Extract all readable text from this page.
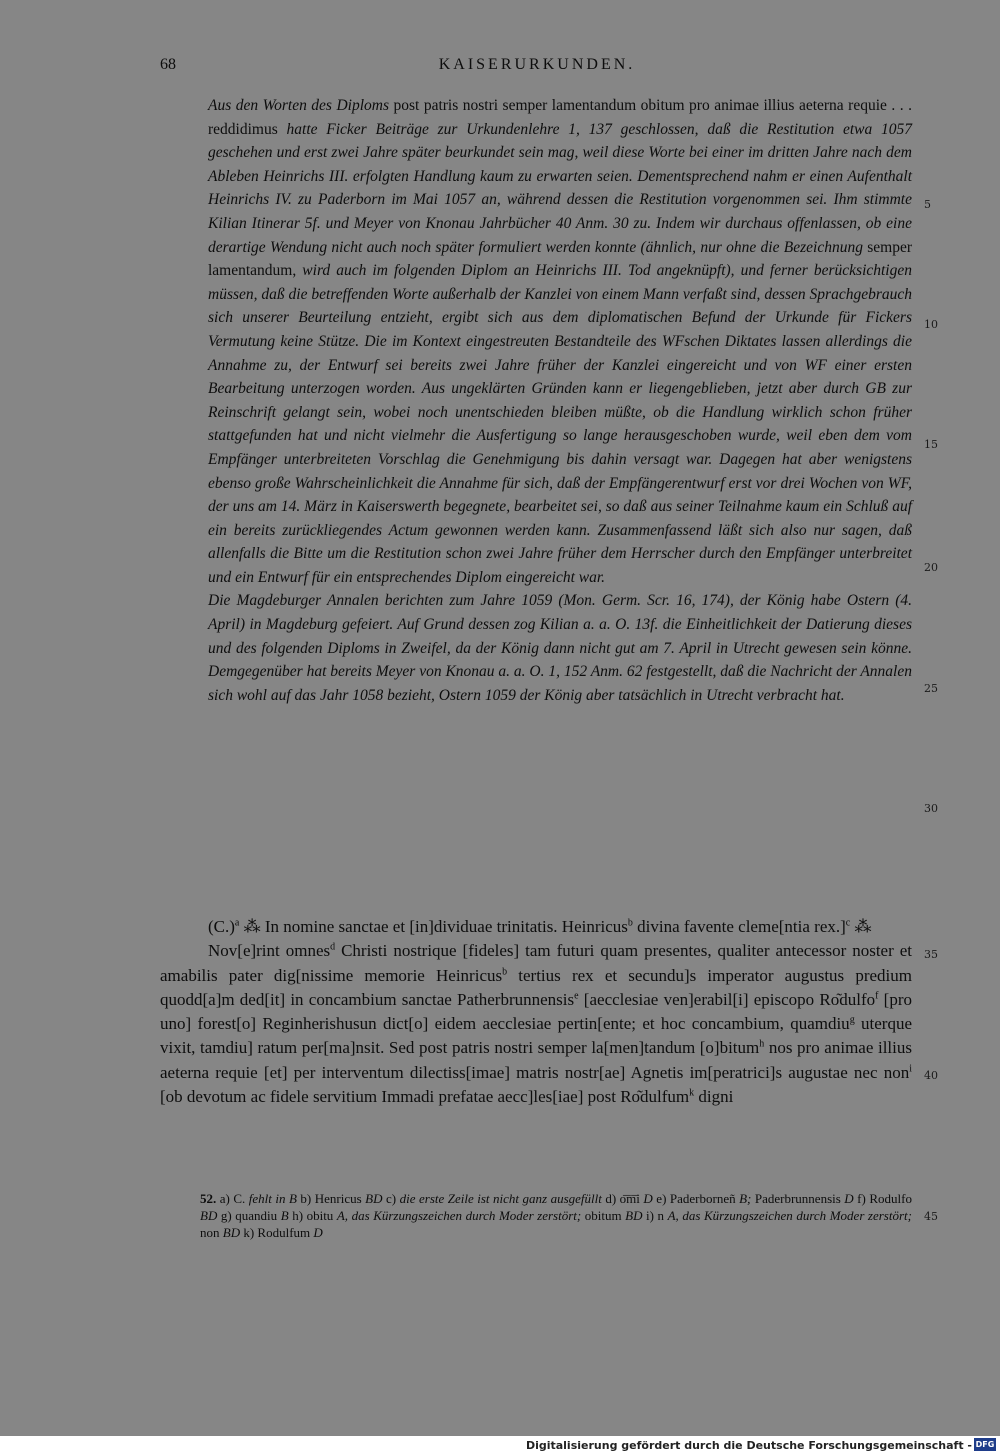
68	KAISERURKUNDEN.

Aus den Worten des Diploms post patris nostri semper lamentandum obitum pro animae illius aeterna requie . . . reddidimus hatte Ficker Beiträge zur Urkundenlehre 1, 137 geschlossen, daß die Restitution etwa 1057 geschehen und erst zwei Jahre später beurkundet sein mag, weil diese Worte bei einer im dritten Jahre nach dem Ableben Heinrichs III. erfolgten Handlung kaum zu erwarten seien. Dementsprechend nahm er einen Aufenthalt Heinrichs IV. zu Paderborn im Mai 1057 an, während dessen die Restitution vorgenommen sei. Ihm stimmte Kilian Itinerar 5f. und Meyer von Knonau Jahrbücher 40 Anm. 30 zu. Indem wir durchaus offenlassen, ob eine derartige Wendung nicht auch noch später formuliert werden konnte (ähnlich, nur ohne die Bezeichnung semper lamentandum, wird auch im folgenden Diplom an Heinrichs III. Tod angeknüpft), und ferner berücksichtigen müssen, daß die betreffenden Worte außerhalb der Kanzlei von einem Mann verfaßt sind, dessen Sprachgebrauch sich unserer Beurteilung entzieht, ergibt sich aus dem diplomatischen Befund der Urkunde für Fickers Vermutung keine Stütze. Die im Kontext eingestreuten Bestandteile des WFschen Diktates lassen allerdings die Annahme zu, der Entwurf sei bereits zwei Jahre früher der Kanzlei eingereicht und von WF einer ersten Bearbeitung unterzogen worden. Aus ungeklärten Gründen kann er liegengeblieben, jetzt aber durch GB zur Reinschrift gelangt sein, wobei noch unentschieden bleiben müßte, ob die Handlung wirklich schon früher stattgefunden hat und nicht vielmehr die Ausfertigung so lange herausgeschoben wurde, weil eben dem vom Empfänger unterbreiteten Vorschlag die Genehmigung bis dahin versagt war. Dagegen hat aber wenigstens ebenso große Wahrscheinlichkeit die Annahme für sich, daß der Empfängerentwurf erst vor drei Wochen von WF, der uns am 14. März in Kaiserswerth begegnete, bearbeitet sei, so daß aus seiner Teilnahme kaum ein Schluß auf ein bereits zurückliegendes Actum gewonnen werden kann. Zusammenfassend läßt sich also nur sagen, daß allenfalls die Bitte um die Restitution schon zwei Jahre früher dem Herrscher durch den Empfänger unterbreitet und ein Entwurf für ein entsprechendes Diplom eingereicht war.

Die Magdeburger Annalen berichten zum Jahre 1059 (Mon. Germ. Scr. 16, 174), der König habe Ostern (4. April) in Magdeburg gefeiert. Auf Grund dessen zog Kilian a. a. O. 13f. die Einheitlichkeit der Datierung dieses und des folgenden Diploms in Zweifel, da der König dann nicht gut am 7. April in Utrecht gewesen sein könne. Demgegenüber hat bereits Meyer von Knonau a. a. O. 1, 152 Anm. 62 festgestellt, daß die Nachricht der Annalen sich wohl auf das Jahr 1058 bezieht, Ostern 1059 der König aber tatsächlich in Utrecht verbracht hat.

$(C.)^a$ ⁂ In nomine sanctae et [in]dividuae trinitatis. Heinricus$^b$ divina favente cleme[ntia rex.]$^c$ ⁂

Nov[e]rint omnes$^d$ Christi nostrique [fideles] tam futuri quam presentes, qualiter antecessor noster et amabilis pater dig[nissime memorie Heinricus$^b$ tertius rex et secundu]s imperator augustus predium quodd[a]m ded[it] in concambium sanctae Patherbrunnensis$^e$ [aecclesiae ven]erabil[i] episcopo Ro͂dulfo$^f$ [pro uno] forest[o] Reginherishusun dict[o] eidem aecclesiae pertin[ente; et hoc concambium, quamdiu$^g$ uterque vixit, tamdiu] ratum per[ma]nsit. Sed post patris nostri semper la[men]tandum [o]bitum$^h$ nos pro animae illius aeterna requie [et] per interventum dilectiss[imae] matris nostr[ae] Agnetis im[peratrici]s augustae nec non$^i$ [ob devotum ac fidele servitium Immadi prefatae aecc]les[iae] post Ro͂dulfum$^k$ digni

52. a) C. fehlt in B b) Henricus BD c) die erste Zeile ist nicht ganz ausgefüllt d) o͞m͞i D e) Paderborneñ B; Paderbrunnensis D f) Rodulfo BD g) quandiu B h) obitu A, das Kürzungszeichen durch Moder zerstört; obitum BD i) n A, das Kürzungszeichen durch Moder zerstört; non BD k) Rodulfum D

5
10
15
20
25
30
35
40
45
Digitalisierung gefördert durch die Deutsche Forschungsgemeinschaft - DFG
